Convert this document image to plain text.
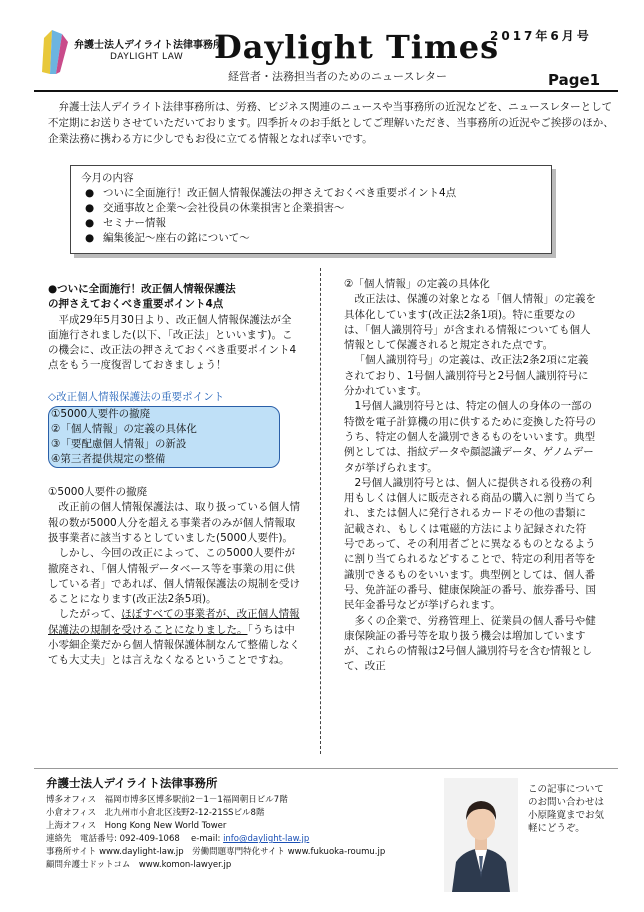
弁護士法人デイライト法律事務所
DAYLIGHT LAW Daylight Times
経営者・法務担当者のためのニュースレター
2017年6月号
Page1
弁護士法人デイライト法律事務所は、労務、ビジネス関連のニュースや当事務所の近況などを、ニュースレターとして不定期にお送りさせていただいております。四季折々のお手紙としてご理解いただき、当事務所の近況やご挨拶のほか、企業法務に携わる方に少しでもお役に立てる情報となれば幸いです。
今月の内容
● ついに全面施行！改正個人情報保護法の押さえておくべき重要ポイント4点
● 交通事故と企業～会社役員の休業損害と企業損害～
● セミナー情報
● 編集後記～座右の銘について～

●ついに全面施行！改正個人情報保護法

の押さえておくべき重要ポイント4点

平成29年5月30日より、改正個人情報保護法が全面施行されました(以下、「改正法」といいます)。この機会に、改正法の押さえておくべき重要ポイント4点をもう一度復習しておきましょう！

◇改正個人情報保護法の重要ポイント

①5000人要件の撤廃

②「個人情報」の定義の具体化

③「要配慮個人情報」の新設

④第三者提供規定の整備

①5000人要件の撤廃

改正前の個人情報保護法は、取り扱っている個人情報の数が5000人分を超える事業者のみが個人情報取扱事業者に該当するとしていました(5000人要件)。

しかし、今回の改正によって、この5000人要件が撤廃され、「個人情報データベース等を事業の用に供している者」であれば、個人情報保護法の規制を受けることになります(改正法2条5項)。

したがって、ほぼすべての事業者が、改正個人情報保護法の規制を受けることになりました。「うちは中小零細企業だから個人情報保護体制なんて整備しなくても大丈夫」とは言えなくなるということですね。

②「個人情報」の定義の具体化

改正法は、保護の対象となる「個人情報」の定義を具体化しています(改正法2条1項)。特に重要なのは、「個人識別符号」が含まれる情報についても個人情報として保護されると規定された点です。

「個人識別符号」の定義は、改正法2条2項に定義されており、1号個人識別符号と2号個人識別符号に分かれています。

1号個人識別符号とは、特定の個人の身体の一部の特徴を電子計算機の用に供するために変換した符号のうち、特定の個人を識別できるものをいいます。典型例としては、指紋データや顔認識データ、ゲノムデータが挙げられます。

2号個人識別符号とは、個人に提供される役務の利用もしくは個人に販売される商品の購入に割り当てられ、または個人に発行されるカードその他の書類に記載され、もしくは電磁的方法により記録された符号であって、その利用者ごとに異なるものとなるように割り当てられるなどすることで、特定の利用者等を識別できるものをいいます。典型例としては、個人番号、免許証の番号、健康保険証の番号、旅券番号、国民年金番号などが挙げられます。

多くの企業で、労務管理上、従業員の個人番号や健康保険証の番号等を取り扱う機会は増加していますが、これらの情報は2号個人識別符号を含む情報として、改正

弁護士法人デイライト法律事務所
博多オフィス　福岡市博多区博多駅前2－1－1福岡朝日ビル7階
小倉オフィス　北九州市小倉北区浅野2-12-21SSビル8階
上海オフィス　Hong Kong New World Tower
連絡先　電話番号: 092-409-1068　 e-mail: info@daylight-law.jp
事務所サイト www.daylight-law.jp　労働問題専門特化サイト www.fukuoka-roumu.jp
顧問弁護士ドットコム　www.komon-lawyer.jp
この記事についてのお問い合わせは小原隆寛までお気軽にどうぞ。
